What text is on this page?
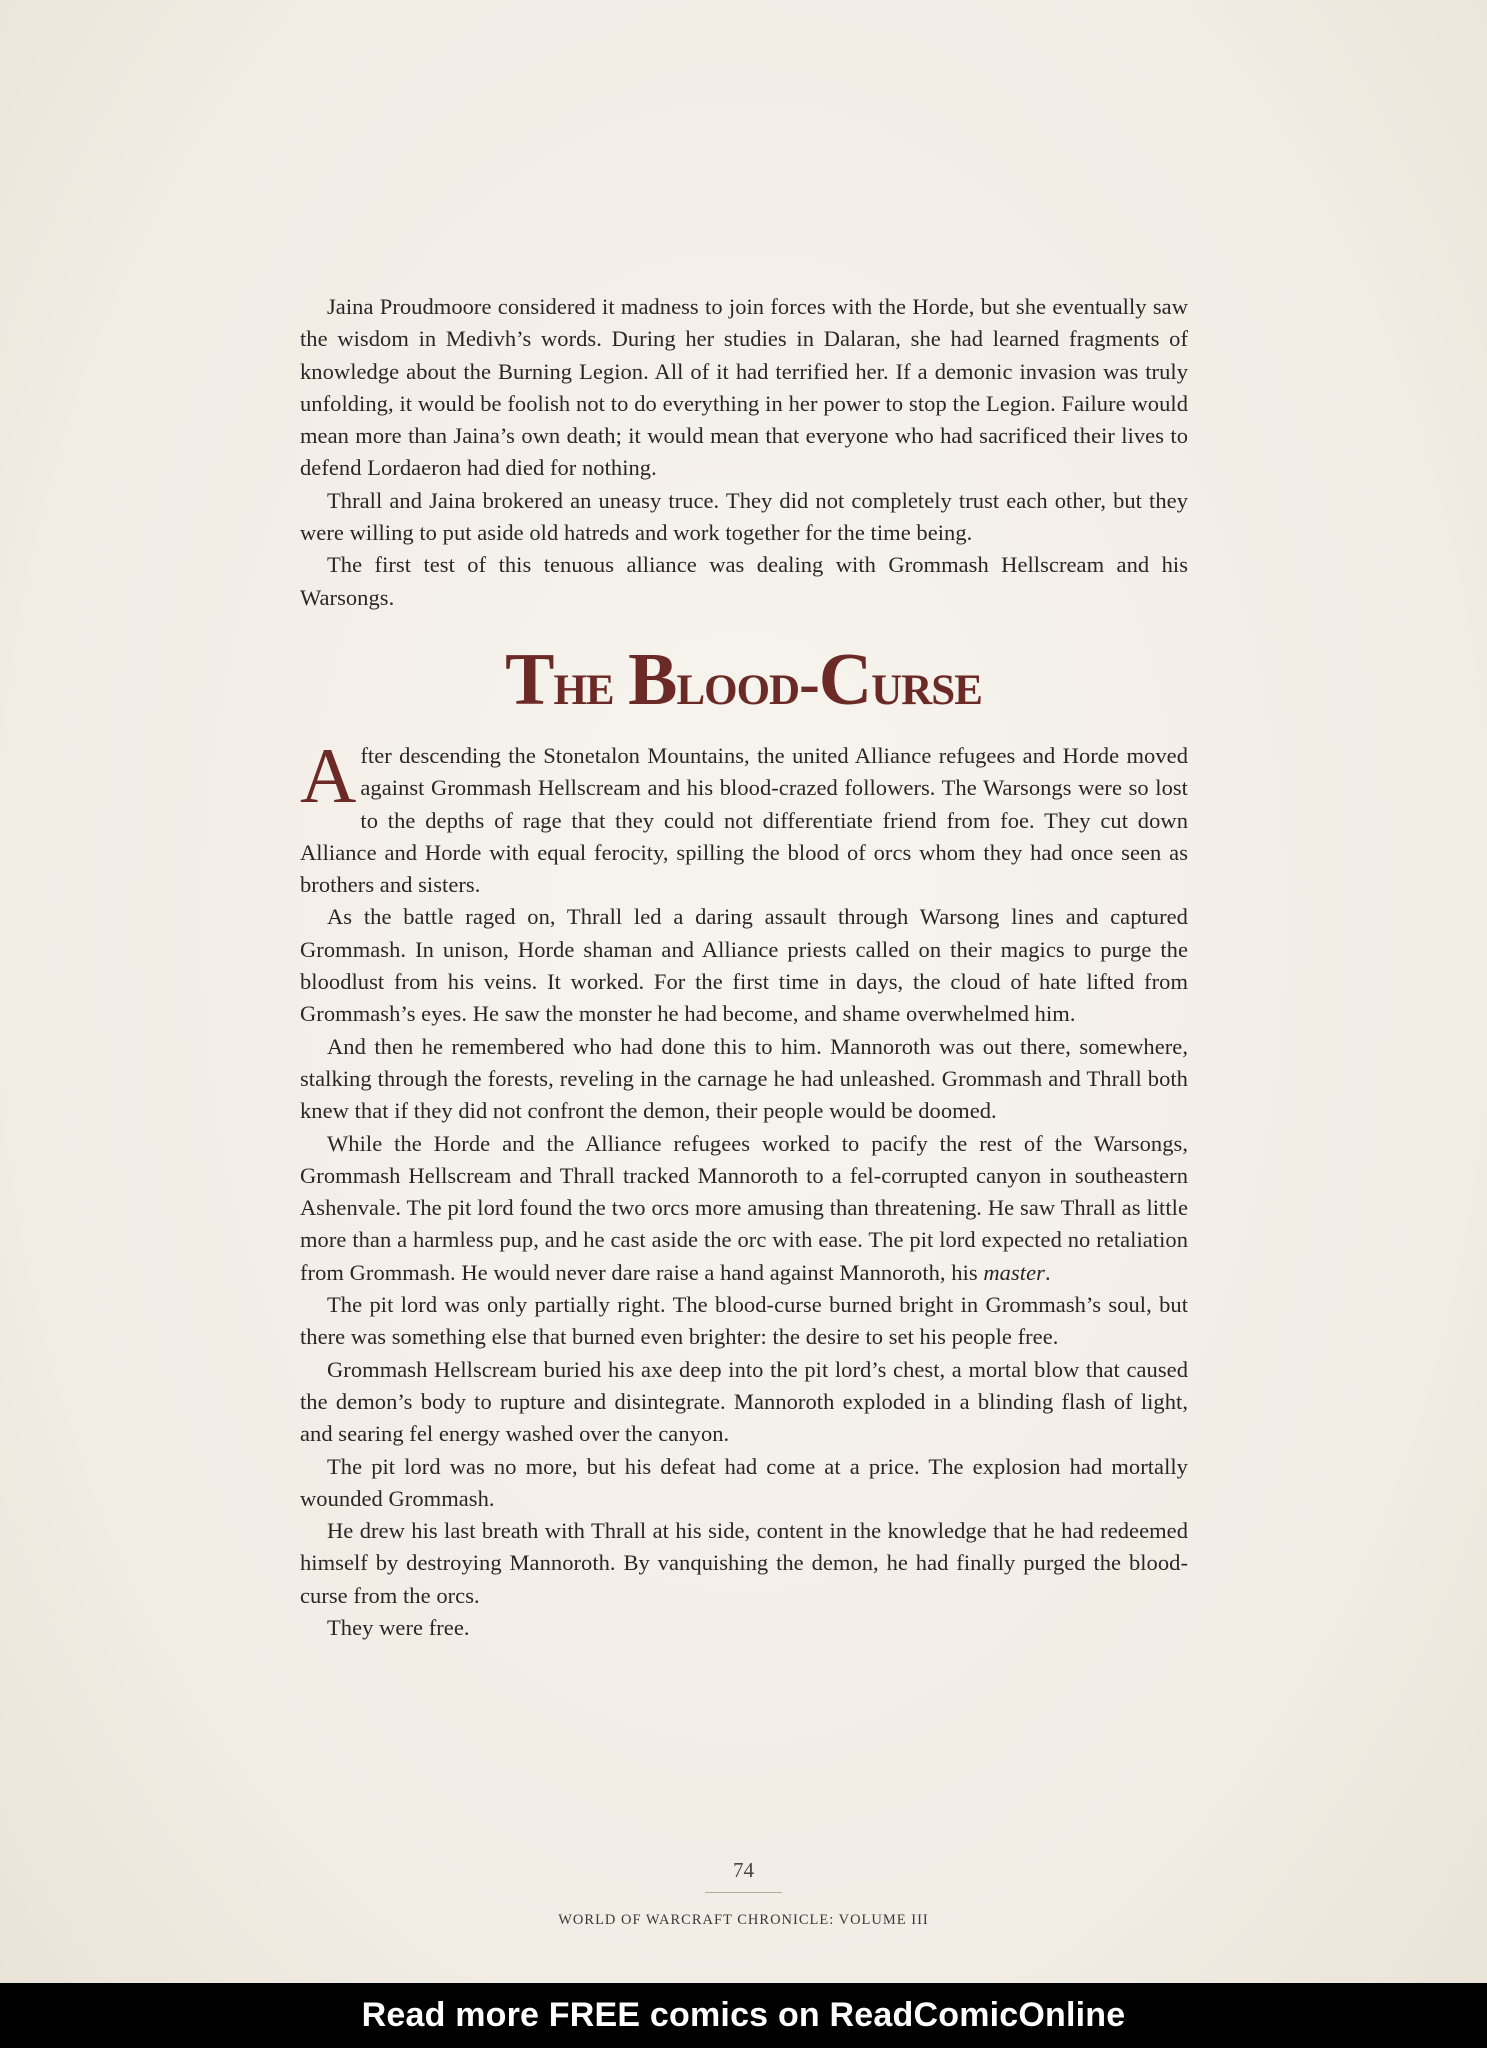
Jaina Proudmoore considered it madness to join forces with the Horde, but she eventually saw the wisdom in Medivh’s words. During her studies in Dalaran, she had learned fragments of knowledge about the Burning Legion. All of it had terrified her. If a demonic invasion was truly unfolding, it would be foolish not to do everything in her power to stop the Legion. Failure would mean more than Jaina’s own death; it would mean that everyone who had sacrificed their lives to defend Lordaeron had died for nothing.

Thrall and Jaina brokered an uneasy truce. They did not completely trust each other, but they were willing to put aside old hatreds and work together for the time being.

The first test of this tenuous alliance was dealing with Grommash Hellscream and his Warsongs.

The Blood-Curse

After descending the Stonetalon Mountains, the united Alliance refugees and Horde moved against Grommash Hellscream and his blood-crazed followers. The Warsongs were so lost to the depths of rage that they could not differentiate friend from foe. They cut down Alliance and Horde with equal ferocity, spilling the blood of orcs whom they had once seen as brothers and sisters.

As the battle raged on, Thrall led a daring assault through Warsong lines and captured Grommash. In unison, Horde shaman and Alliance priests called on their magics to purge the bloodlust from his veins. It worked. For the first time in days, the cloud of hate lifted from Grommash’s eyes. He saw the monster he had become, and shame overwhelmed him.

And then he remembered who had done this to him. Mannoroth was out there, somewhere, stalking through the forests, reveling in the carnage he had unleashed. Grommash and Thrall both knew that if they did not confront the demon, their people would be doomed.

While the Horde and the Alliance refugees worked to pacify the rest of the Warsongs, Grommash Hellscream and Thrall tracked Mannoroth to a fel-corrupted canyon in southeastern Ashenvale. The pit lord found the two orcs more amusing than threatening. He saw Thrall as little more than a harmless pup, and he cast aside the orc with ease. The pit lord expected no retaliation from Grommash. He would never dare raise a hand against Mannoroth, his master.

The pit lord was only partially right. The blood-curse burned bright in Grommash’s soul, but there was something else that burned even brighter: the desire to set his people free.

Grommash Hellscream buried his axe deep into the pit lord’s chest, a mortal blow that caused the demon’s body to rupture and disintegrate. Mannoroth exploded in a blinding flash of light, and searing fel energy washed over the canyon.

The pit lord was no more, but his defeat had come at a price. The explosion had mortally wounded Grommash.

He drew his last breath with Thrall at his side, content in the knowledge that he had redeemed himself by destroying Mannoroth. By vanquishing the demon, he had finally purged the blood-curse from the orcs.

They were free.

74
WORLD OF WARCRAFT CHRONICLE: VOLUME III
Read more FREE comics on ReadComicOnline
